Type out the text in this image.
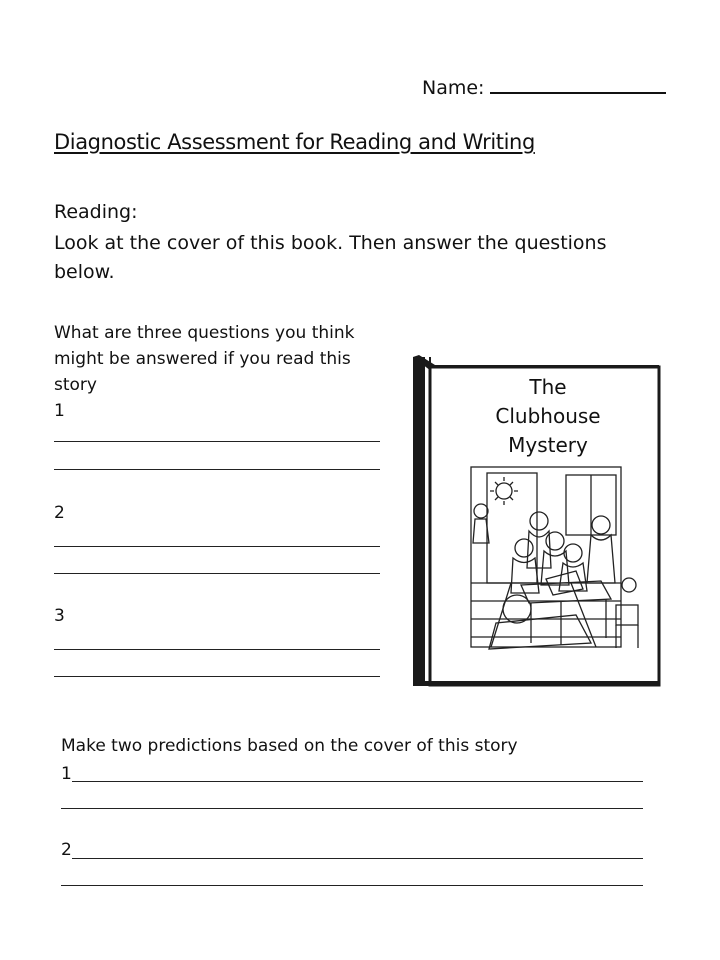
Name:
Diagnostic Assessment for Reading and Writing
Reading:
Look at the cover of this book. Then answer the questions below.
What are three questions you think might be answered if you read this story
1
2
3
The
Clubhouse
Mystery
Make two predictions based on the cover of this story
1
2
